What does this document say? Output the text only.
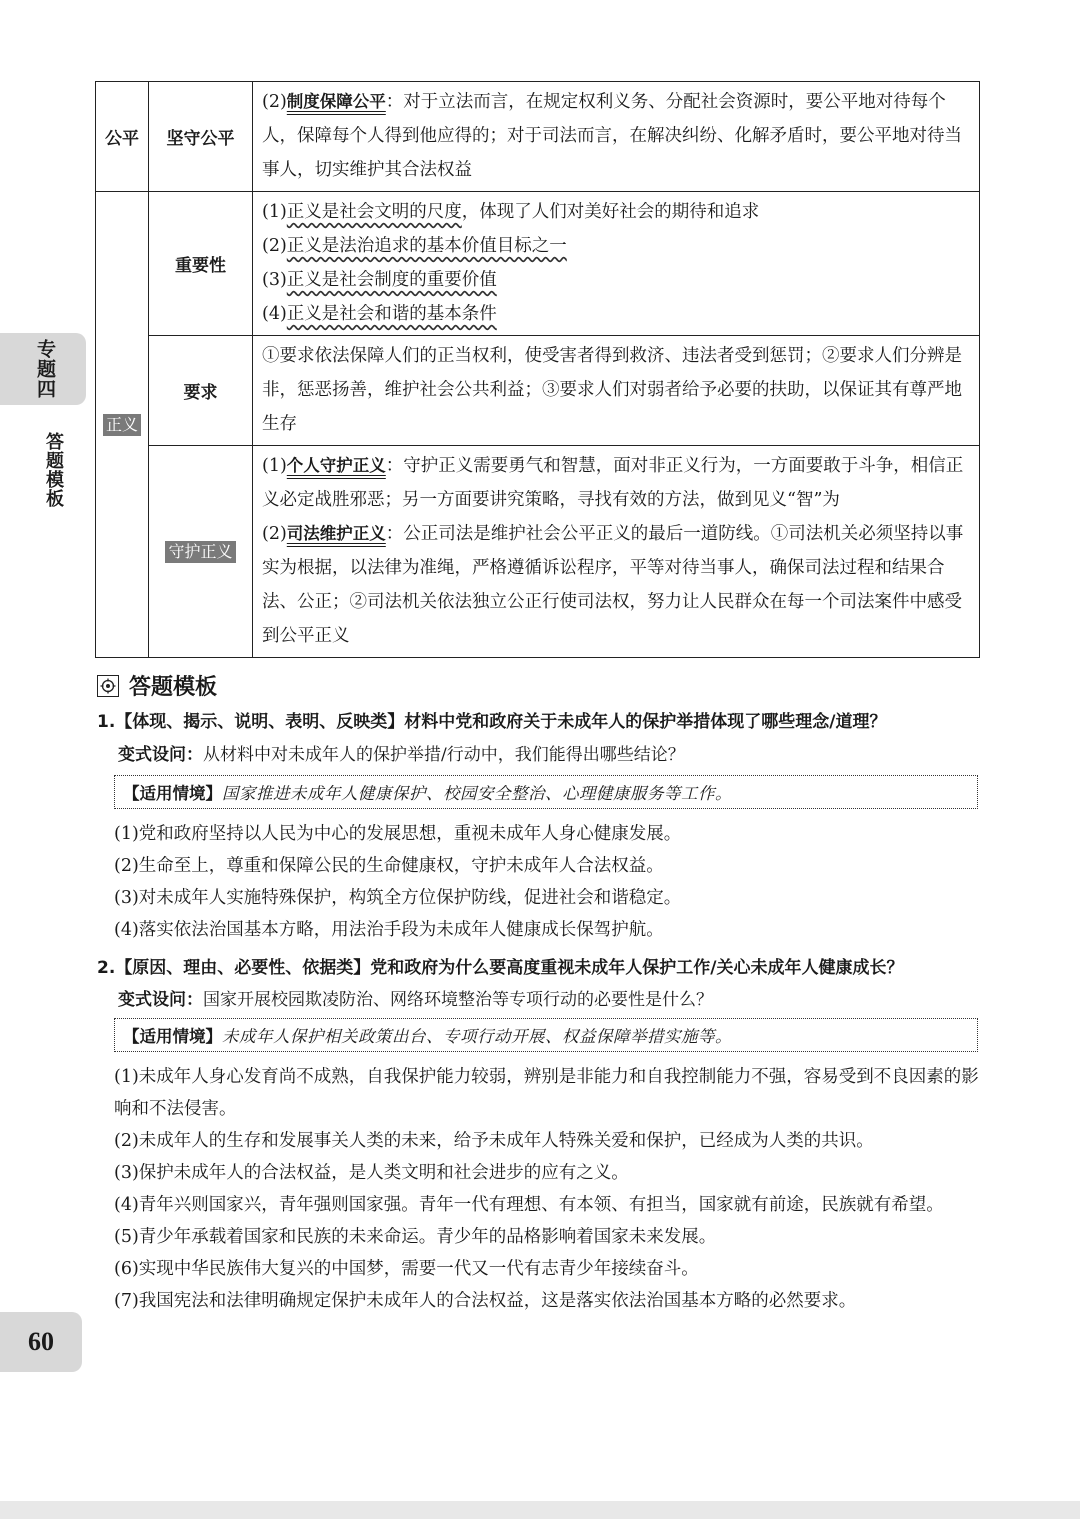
专题四
答题模板
60
公平	坚守公平	(2)制度保障公平：对于立法而言，在规定权利义务、分配社会资源时，要公平地对待每个人，保障每个人得到他应得的；对于司法而言，在解决纠纷、化解矛盾时，要公平地对待当事人，切实维护其合法权益
正义	重要性	(1)正义是社会文明的尺度，体现了人们对美好社会的期待和追求
(2)正义是法治追求的基本价值目标之一
(3)正义是社会制度的重要价值
(4)正义是社会和谐的基本条件

	要求	①要求依法保障人们的正当权利，使受害者得到救济、违法者受到惩罚；②要求人们分辨是非，惩恶扬善，维护社会公共利益；③要求人们对弱者给予必要的扶助，以保证其有尊严地生存
	守护正义	(1)个人守护正义：守护正义需要勇气和智慧，面对非正义行为，一方面要敢于斗争，相信正义必定战胜邪恶；另一方面要讲究策略，寻找有效的方法，做到见义“智”为
(2)司法维护正义：公正司法是维护社会公平正义的最后一道防线。①司法机关必须坚持以事实为根据，以法律为准绳，严格遵循诉讼程序，平等对待当事人，确保司法过程和结果合法、公正；②司法机关依法独立公正行使司法权，努力让人民群众在每一个司法案件中感受到公平正义
答题模板
1.【体现、揭示、说明、表明、反映类】材料中党和政府关于未成年人的保护举措体现了哪些理念/道理？
变式设问：从材料中对未成年人的保护举措/行动中，我们能得出哪些结论？
【适用情境】 国家推进未成年人健康保护、校园安全整治、心理健康服务等工作。
(1)党和政府坚持以人民为中心的发展思想，重视未成年人身心健康发展。
(2)生命至上，尊重和保障公民的生命健康权，守护未成年人合法权益。
(3)对未成年人实施特殊保护，构筑全方位保护防线，促进社会和谐稳定。
(4)落实依法治国基本方略，用法治手段为未成年人健康成长保驾护航。
2.【原因、理由、必要性、依据类】党和政府为什么要高度重视未成年人保护工作/关心未成年人健康成长？
变式设问：国家开展校园欺凌防治、网络环境整治等专项行动的必要性是什么？
【适用情境】 未成年人保护相关政策出台、专项行动开展、权益保障举措实施等。
(1)未成年人身心发育尚不成熟，自我保护能力较弱，辨别是非能力和自我控制能力不强，容易受到不良因素的影响和不法侵害。
(2)未成年人的生存和发展事关人类的未来，给予未成年人特殊关爱和保护，已经成为人类的共识。
(3)保护未成年人的合法权益，是人类文明和社会进步的应有之义。
(4)青年兴则国家兴，青年强则国家强。青年一代有理想、有本领、有担当，国家就有前途，民族就有希望。
(5)青少年承载着国家和民族的未来命运。青少年的品格影响着国家未来发展。
(6)实现中华民族伟大复兴的中国梦，需要一代又一代有志青少年接续奋斗。
(7)我国宪法和法律明确规定保护未成年人的合法权益，这是落实依法治国基本方略的必然要求。
